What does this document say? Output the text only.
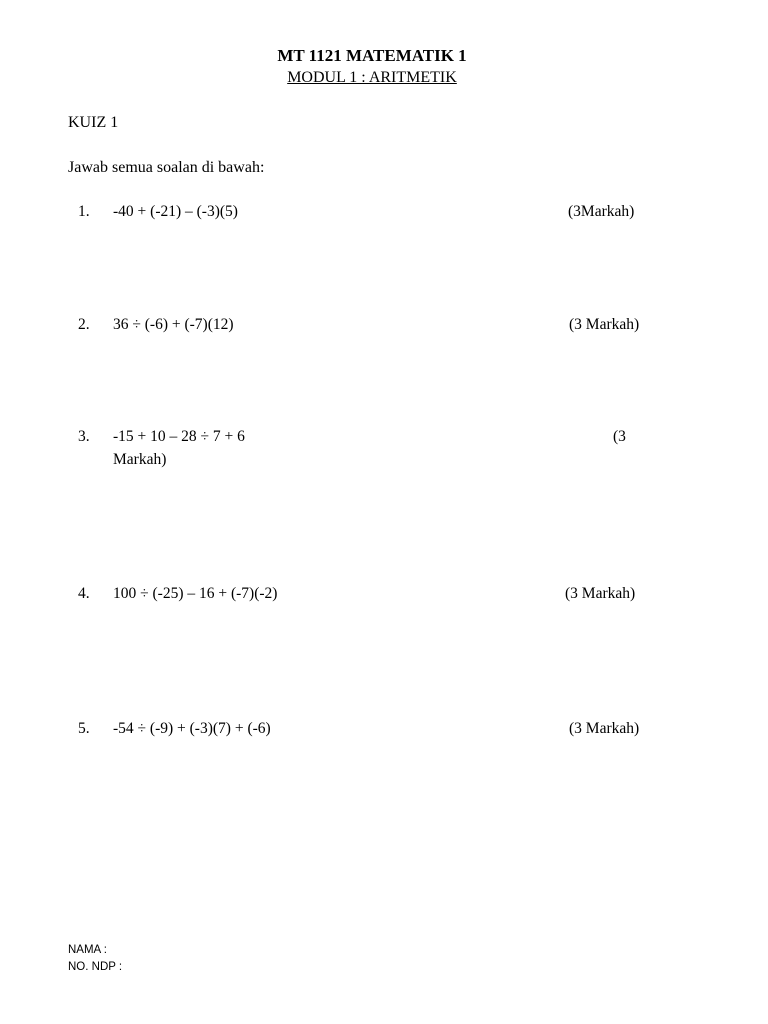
MT 1121 MATEMATIK 1
MODUL 1 : ARITMETIK
KUIZ 1
Jawab semua soalan di bawah:
1. -40 + (-21) – (-3)(5)	(3Markah)
2. 36 ÷ (-6) + (-7)(12)	(3 Markah)
3. -15 + 10 – 28 ÷ 7 + 6	(3
Markah)
4. 100 ÷ (-25) – 16 + (-7)(-2)	(3 Markah)
5. -54 ÷ (-9) + (-3)(7) + (-6)	(3 Markah)
NAMA :
NO. NDP :
